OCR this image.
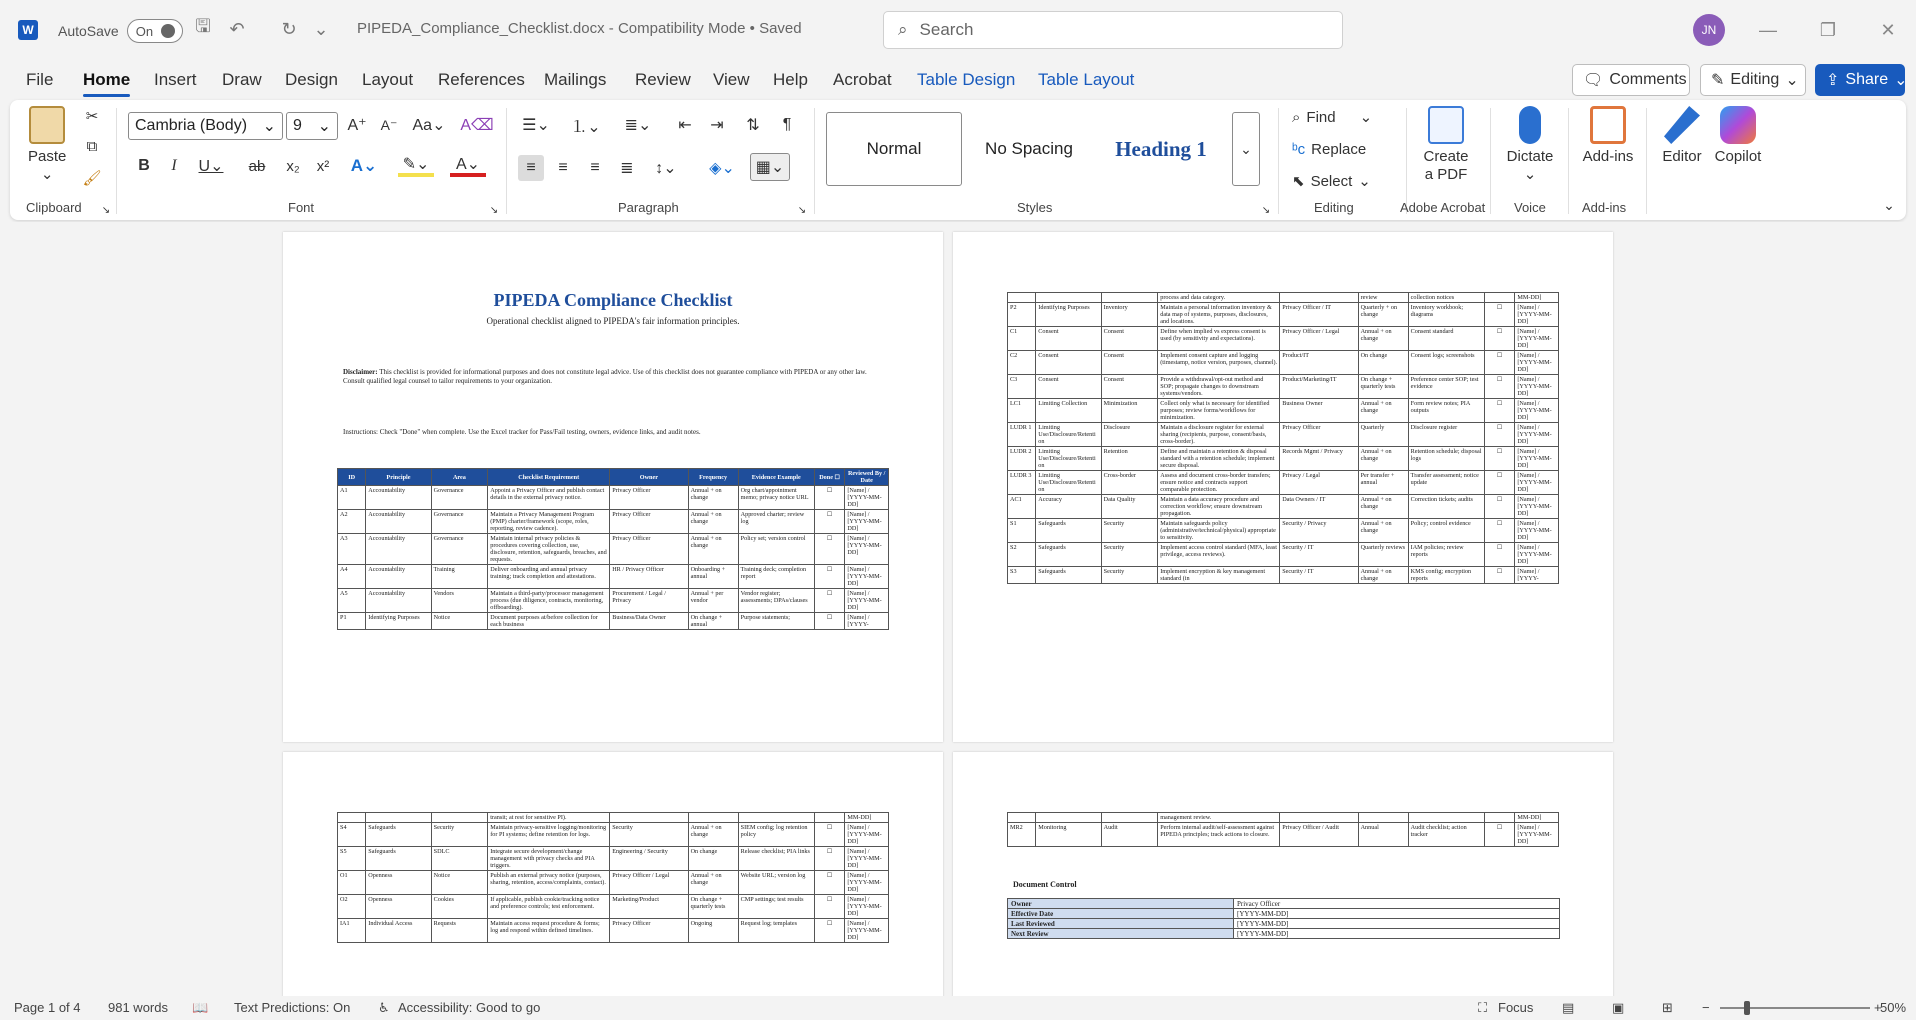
W	AutoSave On 🖫 ↶ ↻ ⌄ PIPEDA_Compliance_Checklist.docx - Compatibility Mode • Saved	⌕ Search	JN	—	❐	✕
File Home Insert Draw Design Layout References Mailings Review View Help Acrobat Table Design Table Layout	🗨 Comments ✎ Editing ⌄ ⇪ Share ⌄
Paste
⌄
✂
⧉
🖌
Cambria (Body) ⌄ 9 ⌄ A⁺ A⁻ Aa⌄ A⌫
B	I	U⌄ ab x₂	x² A⌄ ✎⌄	A⌄
↘
☰⌄ ⒈⌄ ≣⌄ ⇤ ⇥ ⇅	¶
≡	≡	≡	≣	↕⌄	◈⌄	▦⌄
↘
Normal	No Spacing	Heading 1	⌄
↘
⌕ Find ⌄
ᵇc Replace
⬉ Select ⌄
Create
a PDF
Dictate
⌄
Add-ins Editor Copilot
⌄
Clipboard ↘	Font	Paragraph	Styles	Editing	Adobe Acrobat Voice	Add-ins
PIPEDA Compliance Checklist
Operational checklist aligned to PIPEDA's fair information principles.
Disclaimer: This checklist is provided for informational purposes and does not constitute legal advice. Use of this checklist does not guarantee compliance with PIPEDA or any other law. Consult qualified legal counsel to tailor requirements to your organization.
Instructions: Check "Done" when complete. Use the Excel tracker for Pass/Fail testing, owners, evidence links, and audit notes.
ID	Principle	Area	Checklist Requirement	Owner	Frequency	Evidence Example	Done ☐	Reviewed By / Date
A1	Accountability	Governance	Appoint a Privacy Officer and publish contact details in the external privacy notice.	Privacy Officer	Annual + on change	Org chart/appointment memo; privacy notice URL	☐	[Name] / [YYYY-MM-DD]
A2	Accountability	Governance	Maintain a Privacy Management Program (PMP) charter/framework (scope, roles, reporting, review cadence).	Privacy Officer	Annual + on change	Approved charter; review log	☐	[Name] / [YYYY-MM-DD]
A3	Accountability	Governance	Maintain internal privacy policies & procedures covering collection, use, disclosure, retention, safeguards, breaches, and requests.	Privacy Officer	Annual + on change	Policy set; version control	☐	[Name] / [YYYY-MM-DD]
A4	Accountability	Training	Deliver onboarding and annual privacy training; track completion and attestations.	HR / Privacy Officer	Onboarding + annual	Training deck; completion report	☐	[Name] / [YYYY-MM-DD]
A5	Accountability	Vendors	Maintain a third-party/processor management process (due diligence, contracts, monitoring, offboarding).	Procurement / Legal / Privacy	Annual + per vendor	Vendor register; assessments; DPAs/clauses	☐	[Name] / [YYYY-MM-DD]
P1	Identifying Purposes	Notice	Document purposes at/before collection for each business	Business/Data Owner	On change + annual	Purpose statements;	☐	[Name] / [YYYY-
			process and data category.		review	collection notices		MM-DD]
P2	Identifying Purposes	Inventory	Maintain a personal information inventory & data map of systems, purposes, disclosures, and locations.	Privacy Officer / IT	Quarterly + on change	Inventory workbook; diagrams	☐	[Name] / [YYYY-MM-DD]
C1	Consent	Consent	Define when implied vs express consent is used (by sensitivity and expectations).	Privacy Officer / Legal	Annual + on change	Consent standard	☐	[Name] / [YYYY-MM-DD]
C2	Consent	Consent	Implement consent capture and logging (timestamp, notice version, purposes, channel).	Product/IT	On change	Consent logs; screenshots	☐	[Name] / [YYYY-MM-DD]
C3	Consent	Consent	Provide a withdrawal/opt-out method and SOP; propagate changes to downstream systems/vendors.	Product/Marketing/IT	On change + quarterly tests	Preference center SOP; test evidence	☐	[Name] / [YYYY-MM-DD]
LC1	Limiting Collection	Minimization	Collect only what is necessary for identified purposes; review forms/workflows for minimization.	Business Owner	Annual + on change	Form review notes; PIA outputs	☐	[Name] / [YYYY-MM-DD]
LUDR 1	Limiting Use/Disclosure/Retention	Disclosure	Maintain a disclosure register for external sharing (recipients, purpose, consent/basis, cross-border).	Privacy Officer	Quarterly	Disclosure register	☐	[Name] / [YYYY-MM-DD]
LUDR 2	Limiting Use/Disclosure/Retention	Retention	Define and maintain a retention & disposal standard with a retention schedule; implement secure disposal.	Records Mgmt / Privacy	Annual + on change	Retention schedule; disposal logs	☐	[Name] / [YYYY-MM-DD]
LUDR 3	Limiting Use/Disclosure/Retention	Cross-border	Assess and document cross-border transfers; ensure notice and contracts support comparable protection.	Privacy / Legal	Per transfer + annual	Transfer assessment; notice update	☐	[Name] / [YYYY-MM-DD]
AC1	Accuracy	Data Quality	Maintain a data accuracy procedure and correction workflow; ensure downstream propagation.	Data Owners / IT	Annual + on change	Correction tickets; audits	☐	[Name] / [YYYY-MM-DD]
S1	Safeguards	Security	Maintain safeguards policy (administrative/technical/physical) appropriate to sensitivity.	Security / Privacy	Annual + on change	Policy; control evidence	☐	[Name] / [YYYY-MM-DD]
S2	Safeguards	Security	Implement access control standard (MFA, least privilege, access reviews).	Security / IT	Quarterly reviews	IAM policies; review reports	☐	[Name] / [YYYY-MM-DD]
S3	Safeguards	Security	Implement encryption & key management standard (in	Security / IT	Annual + on change	KMS config; encryption reports	☐	[Name] / [YYYY-
			transit; at rest for sensitive PI).					MM-DD]
S4	Safeguards	Security	Maintain privacy-sensitive logging/monitoring for PI systems; define retention for logs.	Security	Annual + on change	SIEM config; log retention policy	☐	[Name] / [YYYY-MM-DD]
S5	Safeguards	SDLC	Integrate secure development/change management with privacy checks and PIA triggers.	Engineering / Security	On change	Release checklist; PIA links	☐	[Name] / [YYYY-MM-DD]
O1	Openness	Notice	Publish an external privacy notice (purposes, sharing, retention, access/complaints, contact).	Privacy Officer / Legal	Annual + on change	Website URL; version log	☐	[Name] / [YYYY-MM-DD]
O2	Openness	Cookies	If applicable, publish cookie/tracking notice and preference controls; test enforcement.	Marketing/Product	On change + quarterly tests	CMP settings; test results	☐	[Name] / [YYYY-MM-DD]
IA1	Individual Access	Requests	Maintain access request procedure & forms; log and respond within defined timelines.	Privacy Officer	Ongoing	Request log; templates	☐	[Name] / [YYYY-MM-DD]
			management review.					MM-DD]
MR2	Monitoring	Audit	Perform internal audit/self-assessment against PIPEDA principles; track actions to closure.	Privacy Officer / Audit	Annual	Audit checklist; action tracker	☐	[Name] / [YYYY-MM-DD]
Document Control
Owner	Privacy Officer
Effective Date	[YYYY-MM-DD]
Last Reviewed	[YYYY-MM-DD]
Next Review	[YYYY-MM-DD]
Page 1 of 4 981 words 📖 Text Predictions: On ♿ Accessibility: Good to go	⛶ Focus ▤	▣	⊞ −	+
50%
